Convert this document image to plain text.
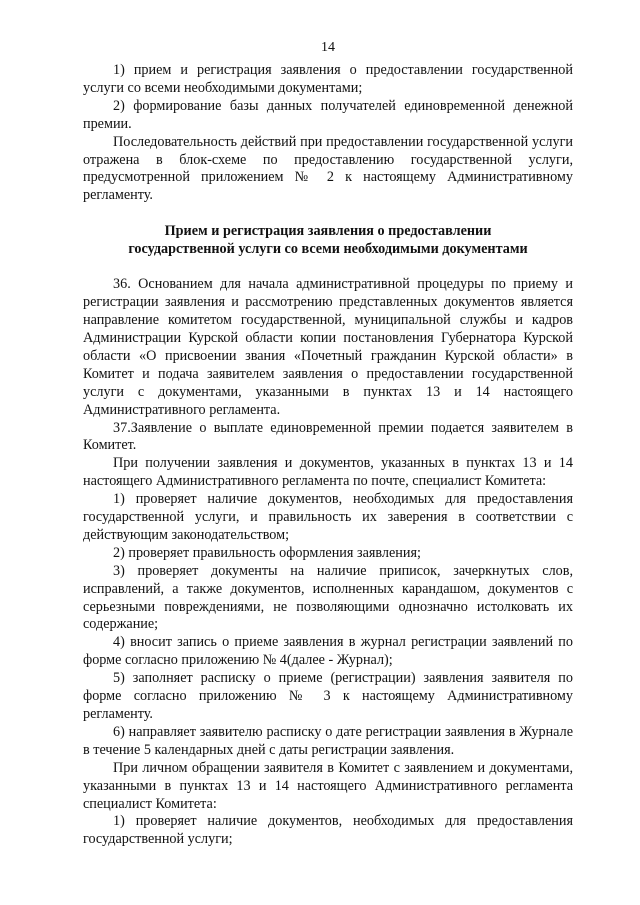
14

1) прием и регистрация заявления о предоставлении государственной услуги со всеми необходимыми документами;

2) формирование базы данных получателей единовременной денежной премии.

Последовательность действий при предоставлении государственной услуги отражена в блок-схеме по предоставлению государственной услуги, предусмотренной приложением № 2 к настоящему Административному регламенту.

Прием и регистрация заявления о предоставлении
государственной услуги со всеми необходимыми документами

36. Основанием для начала административной процедуры по приему и регистрации заявления и рассмотрению представленных документов является направление комитетом государственной, муниципальной службы и кадров Администрации Курской области копии постановления Губернатора Курской области «О присвоении звания «Почетный гражданин Курской области» в Комитет и подача заявителем заявления о предоставлении государственной услуги с документами, указанными в пунктах 13 и 14 настоящего Административного регламента.

37.Заявление о выплате единовременной премии подается заявителем в Комитет.

При получении заявления и документов, указанных в пунктах 13 и 14 настоящего Административного регламента по почте, специалист Комитета:

1) проверяет наличие документов, необходимых для предоставления государственной услуги, и правильность их заверения в соответствии с действующим законодательством;

2) проверяет правильность оформления заявления;

3) проверяет документы на наличие приписок, зачеркнутых слов, исправлений, а также документов, исполненных карандашом, документов с серьезными повреждениями, не позволяющими однозначно истолковать их содержание;

4) вносит запись о приеме заявления в журнал регистрации заявлений по форме согласно приложению № 4(далее - Журнал);

5) заполняет расписку о приеме (регистрации) заявления заявителя по форме согласно приложению № 3 к настоящему Административному регламенту.

6) направляет заявителю расписку о дате регистрации заявления в Журнале в течение 5 календарных дней с даты регистрации заявления.

При личном обращении заявителя в Комитет с заявлением и документами, указанными в пунктах 13 и 14 настоящего Административного регламента специалист Комитета:

1) проверяет наличие документов, необходимых для предоставления государственной услуги;
